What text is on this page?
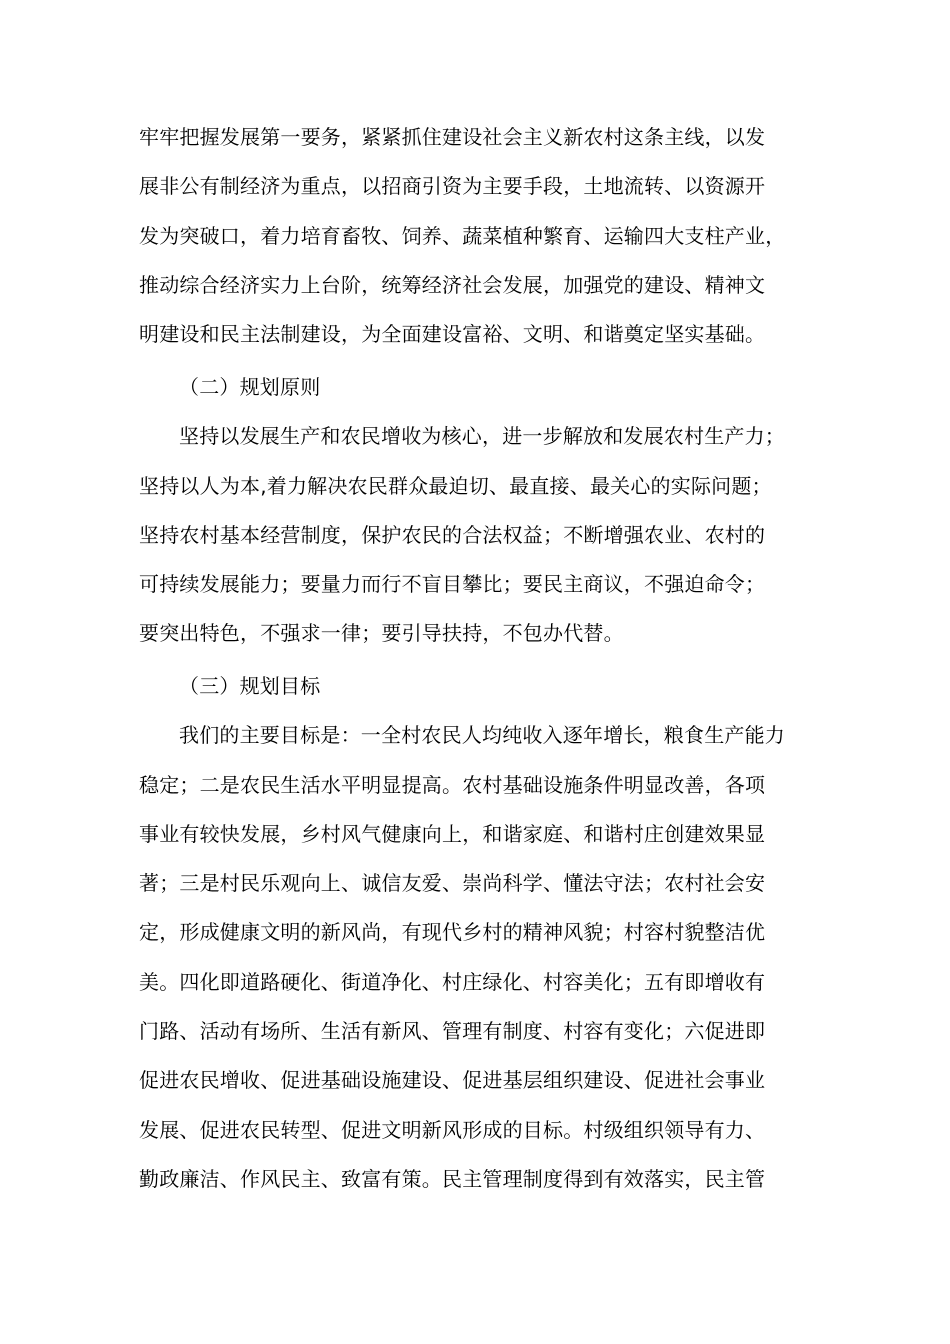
牢牢把握发展第一要务，紧紧抓住建设社会主义新农村这条主线，以发
展非公有制经济为重点，以招商引资为主要手段，土地流转、以资源开
发为突破口，着力培育畜牧、饲养、蔬菜植种繁育、运输四大支柱产业，
推动综合经济实力上台阶，统筹经济社会发展，加强党的建设、精神文
明建设和民主法制建设，为全面建设富裕、文明、和谐奠定坚实基础。
（二）规划原则
坚持以发展生产和农民增收为核心，进一步解放和发展农村生产力；
坚持以人为本,着力解决农民群众最迫切、最直接、最关心的实际问题；
坚持农村基本经营制度，保护农民的合法权益；不断增强农业、农村的
可持续发展能力；要量力而行不盲目攀比；要民主商议，不强迫命令；
要突出特色，不强求一律；要引导扶持，不包办代替。
（三）规划目标
我们的主要目标是：一全村农民人均纯收入逐年增长，粮食生产能力
稳定；二是农民生活水平明显提高。农村基础设施条件明显改善，各项
事业有较快发展，乡村风气健康向上，和谐家庭、和谐村庄创建效果显
著；三是村民乐观向上、诚信友爱、崇尚科学、懂法守法；农村社会安
定，形成健康文明的新风尚，有现代乡村的精神风貌；村容村貌整洁优
美。四化即道路硬化、街道净化、村庄绿化、村容美化；五有即增收有
门路、活动有场所、生活有新风、管理有制度、村容有变化；六促进即
促进农民增收、促进基础设施建设、促进基层组织建设、促进社会事业
发展、促进农民转型、促进文明新风形成的目标。村级组织领导有力、
勤政廉洁、作风民主、致富有策。民主管理制度得到有效落实，民主管
